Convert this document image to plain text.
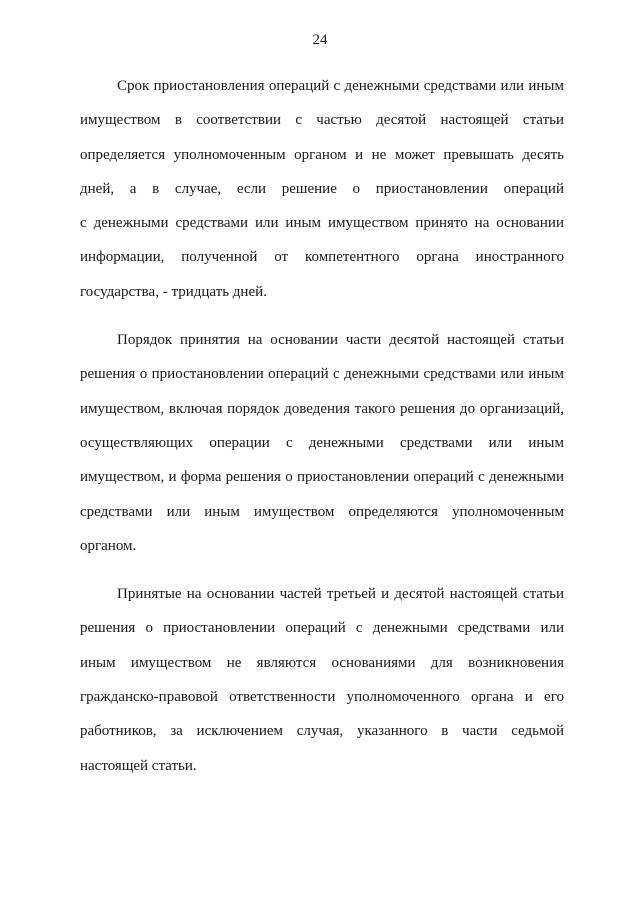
24
Срок приостановления операций с денежными средствами или иным
имуществом в соответствии с частью десятой настоящей статьи
определяется уполномоченным органом и не может превышать десять
дней, а в случае, если решение о приостановлении операций
с денежными средствами или иным имуществом принято на основании
информации, полученной от компетентного органа иностранного
государства, - тридцать дней.
Порядок принятия на основании части десятой настоящей статьи
решения о приостановлении операций с денежными средствами или иным
имуществом, включая порядок доведения такого решения до организаций,
осуществляющих операции с денежными средствами или иным
имуществом, и форма решения о приостановлении операций с денежными
средствами или иным имуществом определяются уполномоченным
органом.
Принятые на основании частей третьей и десятой настоящей статьи
решения о приостановлении операций с денежными средствами или
иным имуществом не являются основаниями для возникновения
гражданско-правовой ответственности уполномоченного органа и его
работников, за исключением случая, указанного в части седьмой
настоящей статьи.
